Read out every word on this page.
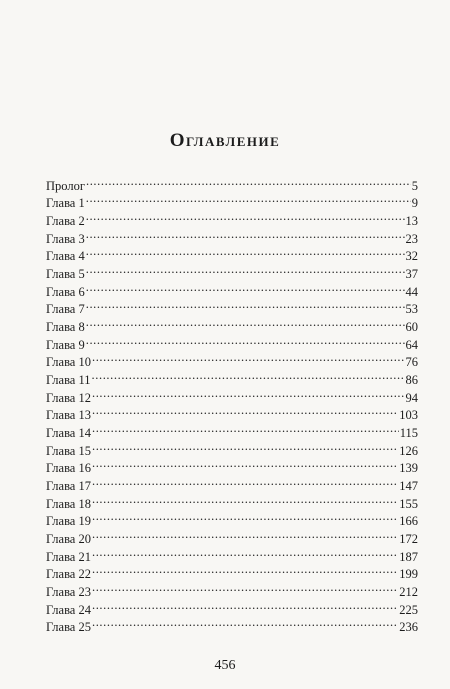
Оглавление
Пролог .....	5
Глава 1 .....	9
Глава 2 .....	13
Глава 3 .....	23
Глава 4 .....	32
Глава 5 .....	37
Глава 6 .....	44
Глава 7 .....	53
Глава 8 .....	60
Глава 9 .....	64
Глава 10 .....	76
Глава 11 .....	86
Глава 12 .....	94
Глава 13 .....	103
Глава 14 .....	115
Глава 15 .....	126
Глава 16 .....	139
Глава 17 .....	147
Глава 18 .....	155
Глава 19 .....	166
Глава 20 .....	172
Глава 21 .....	187
Глава 22 .....	199
Глава 23 .....	212
Глава 24 .....	225
Глава 25 .....	236
456
